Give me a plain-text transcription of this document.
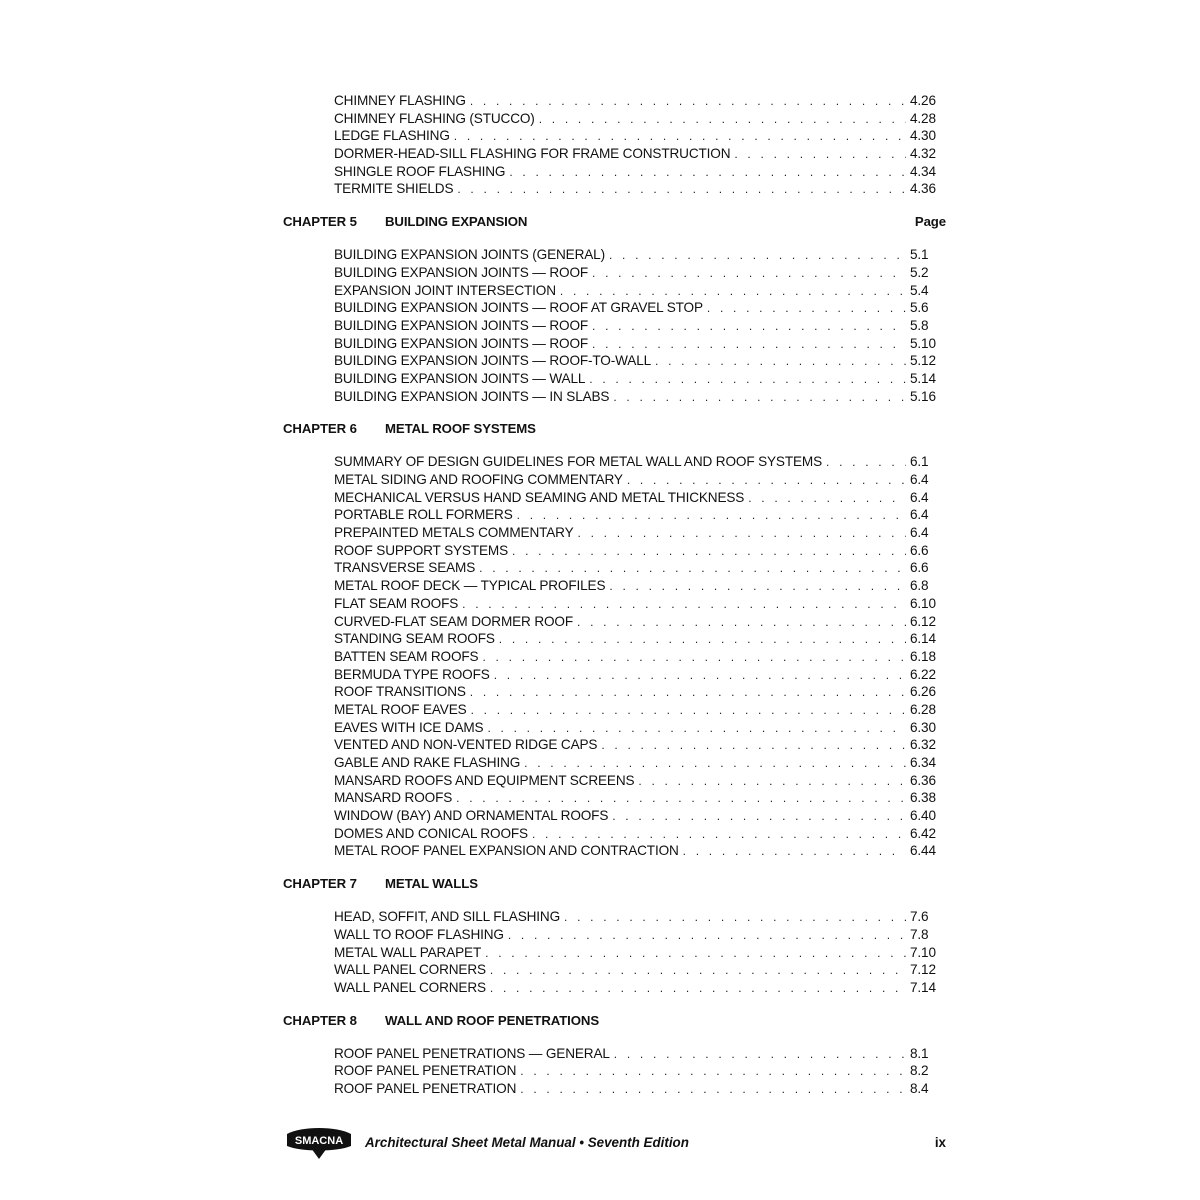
CHIMNEY FLASHING . . .	4.26
CHIMNEY FLASHING (STUCCO) . . .	4.28
LEDGE FLASHING . . .	4.30
DORMER-HEAD-SILL FLASHING FOR FRAME CONSTRUCTION . . .	4.32
SHINGLE ROOF FLASHING . . .	4.34
TERMITE SHIELDS . . .	4.36
CHAPTER 5	BUILDING EXPANSION	Page
BUILDING EXPANSION JOINTS (GENERAL) . . .	5.1
BUILDING EXPANSION JOINTS — ROOF . . .	5.2
EXPANSION JOINT INTERSECTION . . .	5.4
BUILDING EXPANSION JOINTS — ROOF AT GRAVEL STOP . . .	5.6
BUILDING EXPANSION JOINTS — ROOF . . .	5.8
BUILDING EXPANSION JOINTS — ROOF . . .	5.10
BUILDING EXPANSION JOINTS — ROOF-TO-WALL . . .	5.12
BUILDING EXPANSION JOINTS — WALL . . .	5.14
BUILDING EXPANSION JOINTS — IN SLABS . . .	5.16
CHAPTER 6	METAL ROOF SYSTEMS
SUMMARY OF DESIGN GUIDELINES FOR METAL WALL AND ROOF SYSTEMS . . .	6.1
METAL SIDING AND ROOFING COMMENTARY . . .	6.4
MECHANICAL VERSUS HAND SEAMING AND METAL THICKNESS . . .	6.4
PORTABLE ROLL FORMERS . . .	6.4
PREPAINTED METALS COMMENTARY . . .	6.4
ROOF SUPPORT SYSTEMS . . .	6.6
TRANSVERSE SEAMS . . .	6.6
METAL ROOF DECK — TYPICAL PROFILES . . .	6.8
FLAT SEAM ROOFS . . .	6.10
CURVED-FLAT SEAM DORMER ROOF . . .	6.12
STANDING SEAM ROOFS . . .	6.14
BATTEN SEAM ROOFS . . .	6.18
BERMUDA TYPE ROOFS . . .	6.22
ROOF TRANSITIONS . . .	6.26
METAL ROOF EAVES . . .	6.28
EAVES WITH ICE DAMS . . .	6.30
VENTED AND NON-VENTED RIDGE CAPS . . .	6.32
GABLE AND RAKE FLASHING . . .	6.34
MANSARD ROOFS AND EQUIPMENT SCREENS . . .	6.36
MANSARD ROOFS . . .	6.38
WINDOW (BAY) AND ORNAMENTAL ROOFS . . .	6.40
DOMES AND CONICAL ROOFS . . .	6.42
METAL ROOF PANEL EXPANSION AND CONTRACTION . . .	6.44
CHAPTER 7	METAL WALLS
HEAD, SOFFIT, AND SILL FLASHING . . .	7.6
WALL TO ROOF FLASHING . . .	7.8
METAL WALL PARAPET . . .	7.10
WALL PANEL CORNERS . . .	7.12
WALL PANEL CORNERS . . .	7.14
CHAPTER 8	WALL AND ROOF PENETRATIONS
ROOF PANEL PENETRATIONS — GENERAL . . .	8.1
ROOF PANEL PENETRATION . . .	8.2
ROOF PANEL PENETRATION . . .	8.4
SMACNA Architectural Sheet Metal Manual • Seventh Edition	ix
